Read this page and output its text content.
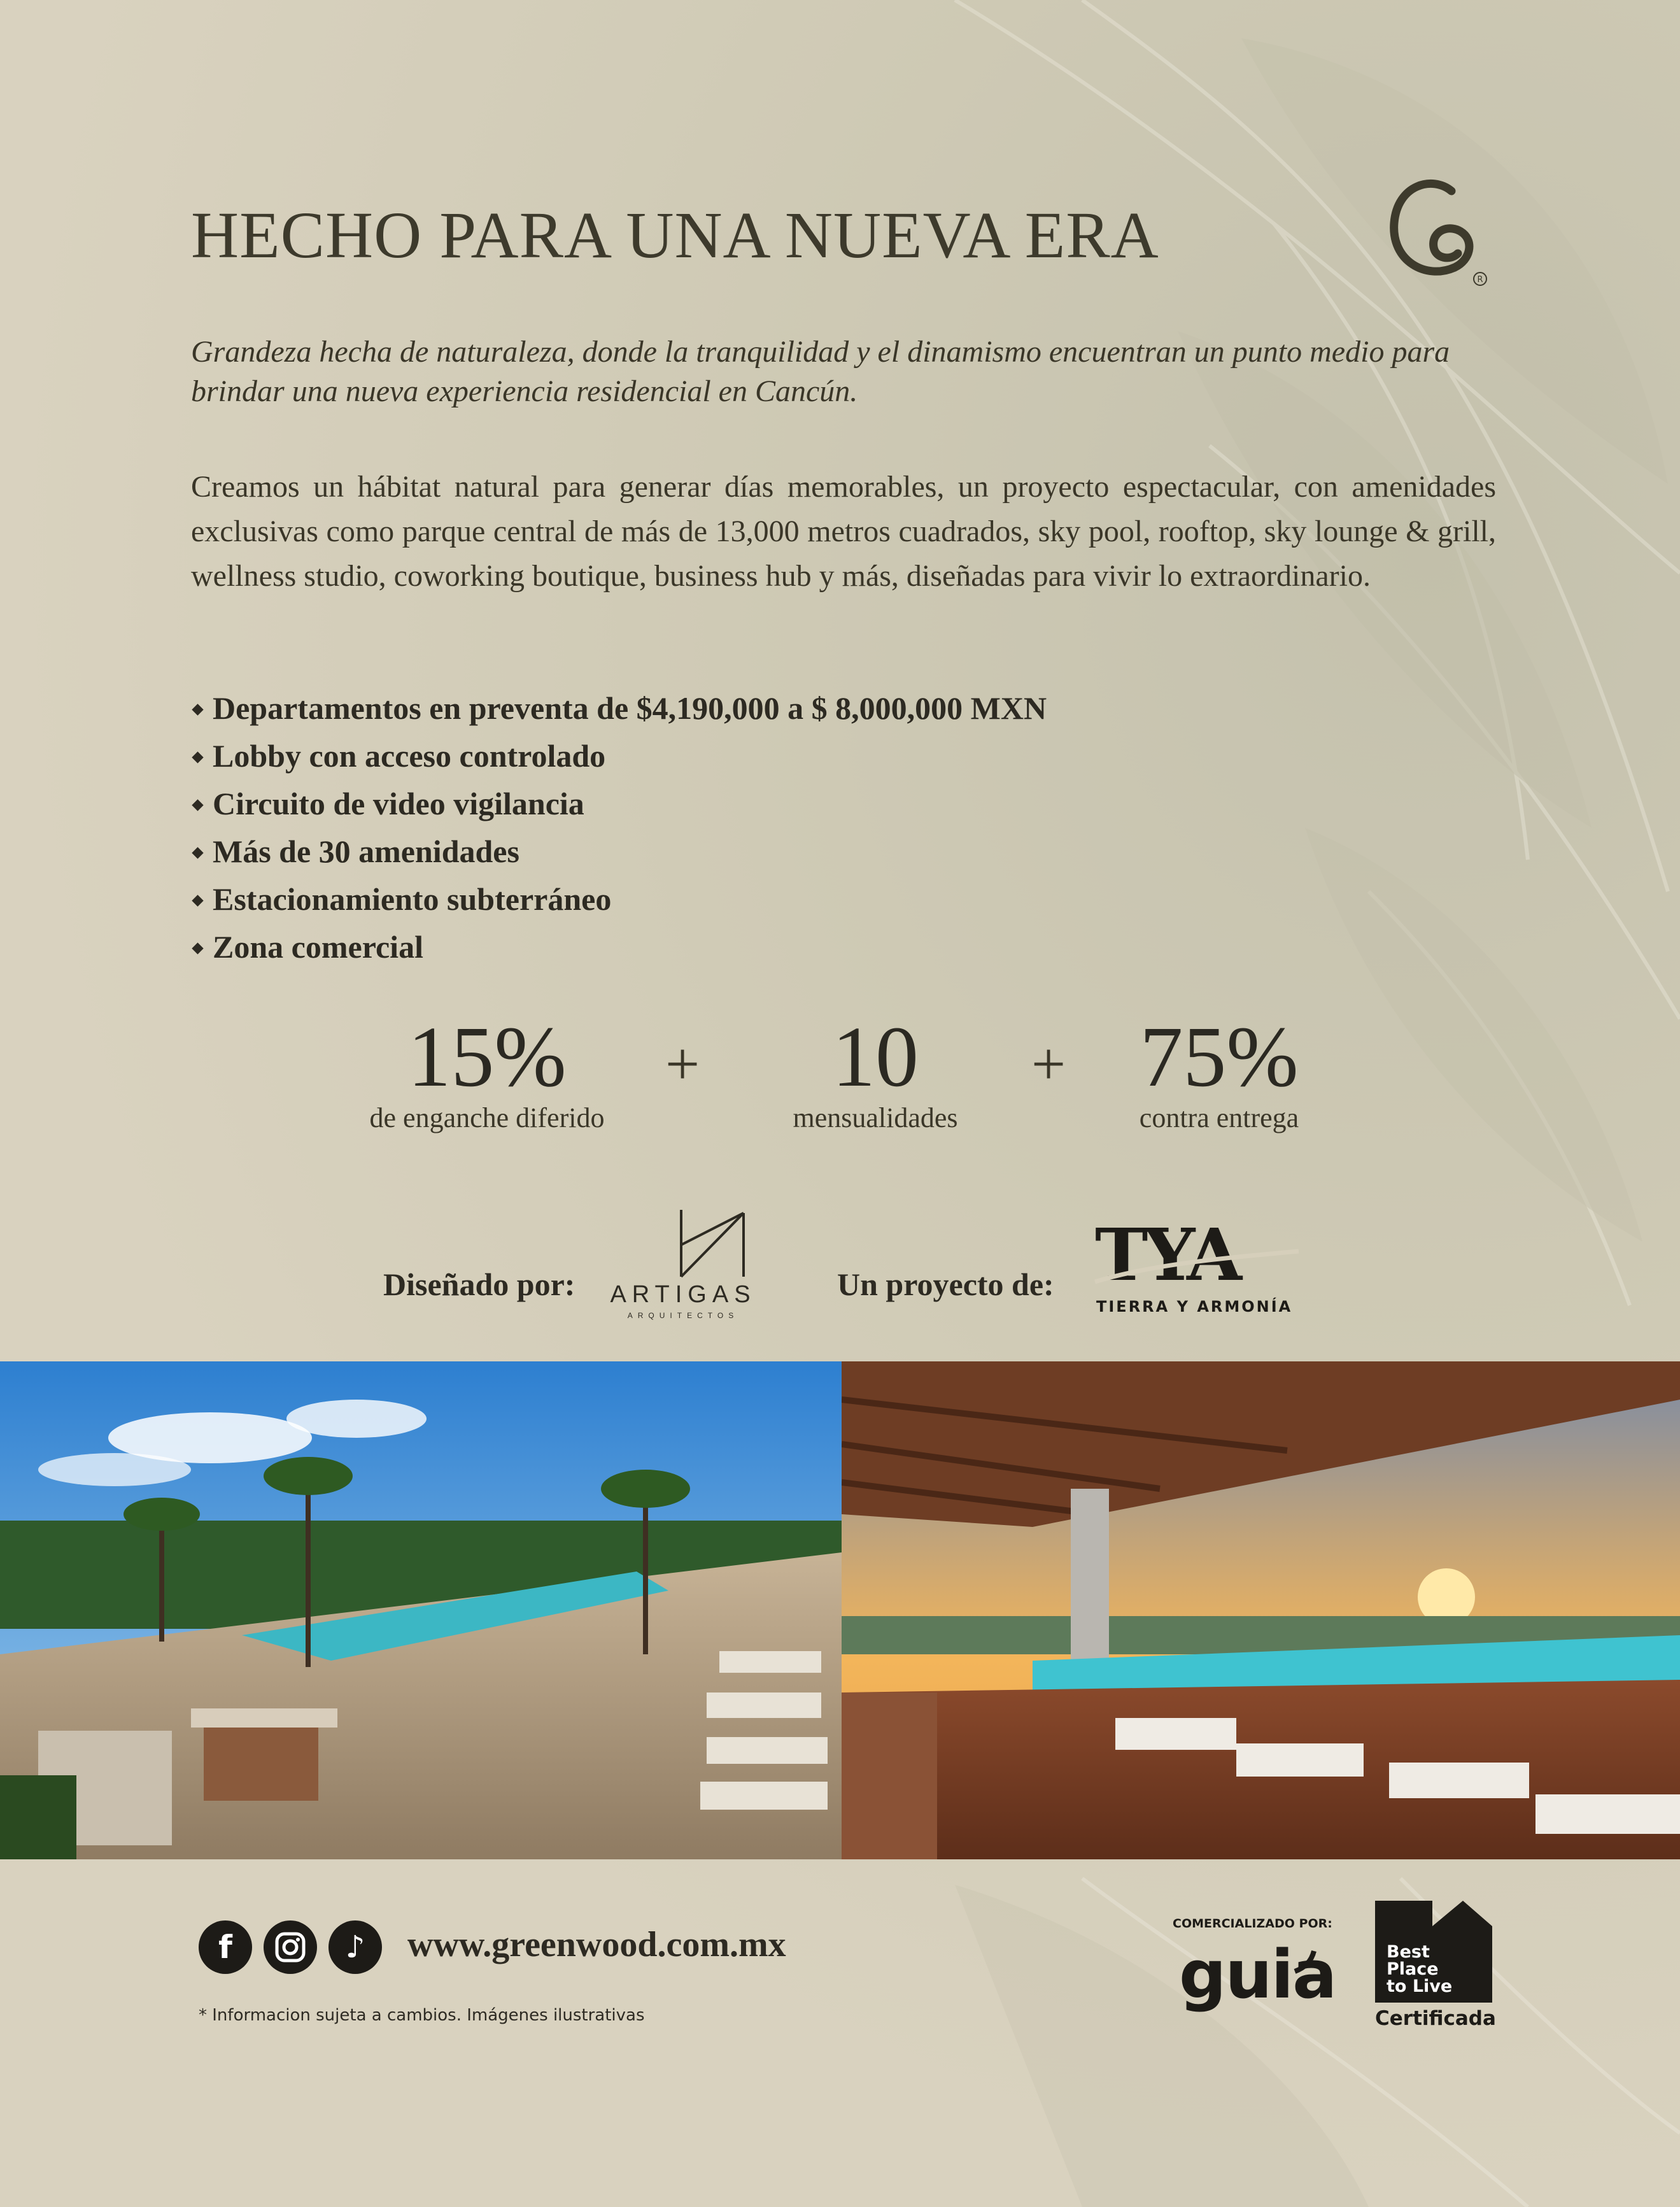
HECHO PARA UNA NUEVA ERA
R
Grandeza hecha de naturaleza, donde la tranquilidad y el dinamismo encuentran un punto medio para brindar una nueva experiencia residencial en Cancún.
Creamos un hábitat natural para generar días memorables, un proyecto espectacular, con amenidades exclusivas como parque central de más de 13,000 metros cuadrados, sky pool, rooftop, sky lounge & grill, wellness studio, coworking boutique, business hub y más, diseñadas para vivir lo extraordinario.
Departamentos en preventa de $4,190,000 a $ 8,000,000 MXN
Lobby con acceso controlado
Circuito de video vigilancia
Más de 30 amenidades
Estacionamiento subterráneo
Zona comercial
15%
de enganche diferido
+	10
mensualidades
+ 75%
contra entrega
Diseñado por: ARTIGAS
ARQUITECTOS
Un proyecto de: TYA
TIERRA Y ARMONÍA
f	♪ www.greenwood.com.mx
* Informacion sujeta a cambios. Imágenes ilustrativas
COMERCIALIZADO POR:
guia	Best
Place
to Live
Certificada
